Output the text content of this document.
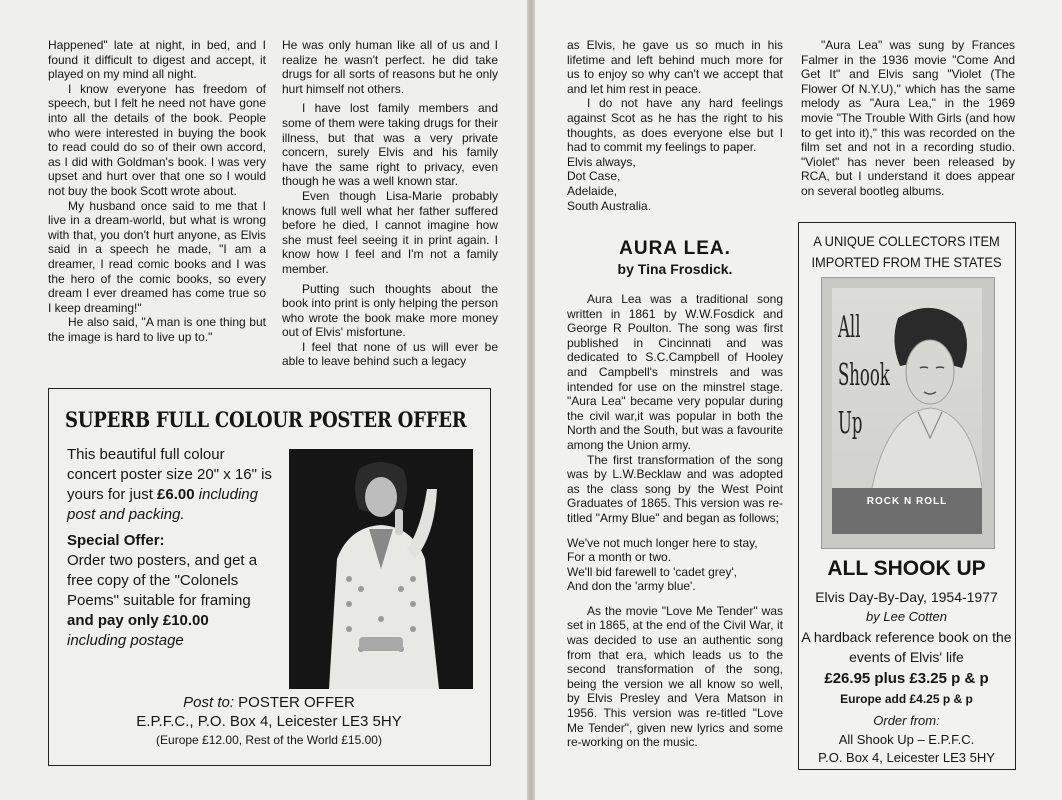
Happened" late at night, in bed, and I found it difficult to digest and accept, it played on my mind all night.

I know everyone has freedom of speech, but I felt he need not have gone into all the details of the book. People who were interested in buying the book to read could do so of their own accord, as I did with Goldman's book. I was very upset and hurt over that one so I would not buy the book Scott wrote about.

My husband once said to me that I live in a dream-world, but what is wrong with that, you don't hurt anyone, as Elvis said in a speech he made, "I am a dreamer, I read comic books and I was the hero of the comic books, so every dream I ever dreamed has come true so I keep dreaming!"

He also said, "A man is one thing but the image is hard to live up to."

He was only human like all of us and I realize he wasn't perfect. he did take drugs for all sorts of reasons but he only hurt himself not others.

I have lost family members and some of them were taking drugs for their illness, but that was a very private concern, surely Elvis and his family have the same right to privacy, even though he was a well known star.

Even though Lisa-Marie probably knows full well what her father suffered before he died, I cannot imagine how she must feel seeing it in print again. I know how I feel and I'm not a family member.

Putting such thoughts about the book into print is only helping the person who wrote the book make more money out of Elvis' misfortune.

I feel that none of us will ever be able to leave behind such a legacy

SUPERB FULL COLOUR POSTER OFFER
This beautiful full colour concert poster size 20" x 16" is yours for just £6.00 including post and packing.
Special Offer:
Order two posters, and get a free copy of the "Colonels Poems" suitable for framing and pay only £10.00
including postage
Post to: POSTER OFFER
E.P.F.C., P.O. Box 4, Leicester LE3 5HY
(Europe £12.00, Rest of the World £15.00)

as Elvis, he gave us so much in his lifetime and left behind much more for us to enjoy so why can't we accept that and let him rest in peace.

I do not have any hard feelings against Scot as he has the right to his thoughts, as does everyone else but I had to commit my feelings to paper.

Elvis always,
Dot Case,
Adelaide,
South Australia.

AURA LEA.
by Tina Frosdick.

Aura Lea was a traditional song written in 1861 by W.W.Fosdick and George R Poulton. The song was first published in Cincinnati and was dedicated to S.C.Campbell of Hooley and Campbell's minstrels and was intended for use on the minstrel stage. "Aura Lea" became very popular during the civil war,it was popular in both the North and the South, but was a favourite among the Union army.

The first transformation of the song was by L.W.Becklaw and was adopted as the class song by the West Point Graduates of 1865. This version was re-titled "Army Blue" and began as follows;

We've not much longer here to stay,

For a month or two.

We'll bid farewell to 'cadet grey',

And don the 'army blue'.

As the movie "Love Me Tender" was set in 1865, at the end of the Civil War, it was decided to use an authentic song from that era, which leads us to the second transformation of the song, being the version we all know so well, by Elvis Presley and Vera Matson in 1956. This version was re-titled "Love Me Tender", given new lyrics and some re-working on the music.

"Aura Lea" was sung by Frances Falmer in the 1936 movie "Come And Get It" and Elvis sang "Violet (The Flower Of N.Y.U)," which has the same melody as "Aura Lea," in the 1969 movie "The Trouble With Girls (and how to get into it)," this was recorded on the film set and not in a recording studio. "Violet" has never been released by RCA, but I understand it does appear on several bootleg albums.

A UNIQUE COLLECTORS ITEM IMPORTED FROM THE STATES
All
Shook
Up
ROCK N ROLL
ALL SHOOK UP
Elvis Day-By-Day, 1954-1977
by Lee Cotten
A hardback reference book on the events of Elvis' life
£26.95 plus £3.25 p & p
Europe add £4.25 p & p
Order from:
All Shook Up – E.P.F.C.
P.O. Box 4, Leicester LE3 5HY
